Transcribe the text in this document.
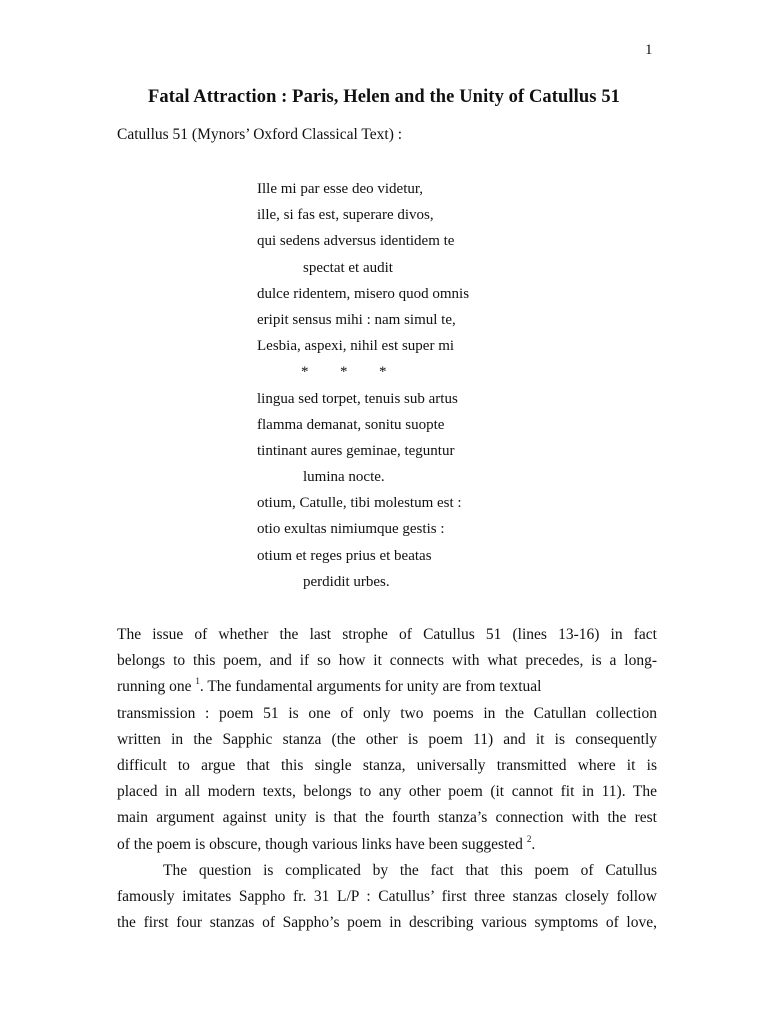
1
Fatal Attraction : Paris, Helen and the Unity of Catullus 51
Catullus 51 (Mynors’ Oxford Classical Text) :
Ille mi par esse deo videtur,
ille, si fas est, superare divos,
qui sedens adversus identidem te
spectat et audit
dulce ridentem, misero quod omnis
eripit sensus mihi : nam simul te,
Lesbia, aspexi, nihil est super mi
* * *
lingua sed torpet, tenuis sub artus
flamma demanat, sonitu suopte
tintinant aures geminae, teguntur
lumina nocte.
otium, Catulle, tibi molestum est :
otio exultas nimiumque gestis :
otium et reges prius et beatas
perdidit urbes.
The issue of whether the last strophe of Catullus 51 (lines 13-16) in fact
belongs to this poem, and if so how it connects with what precedes, is a long-
running one $^1$. The fundamental arguments for unity are from textual
transmission : poem 51 is one of only two poems in the Catullan collection
written in the Sapphic stanza (the other is poem 11) and it is consequently
difficult to argue that this single stanza, universally transmitted where it is
placed in all modern texts, belongs to any other poem (it cannot fit in 11). The
main argument against unity is that the fourth stanza’s connection with the rest
of the poem is obscure, though various links have been suggested $^2$.
The question is complicated by the fact that this poem of Catullus
famously imitates Sappho fr. 31 L/P : Catullus’ first three stanzas closely follow
the first four stanzas of Sappho’s poem in describing various symptoms of love,
